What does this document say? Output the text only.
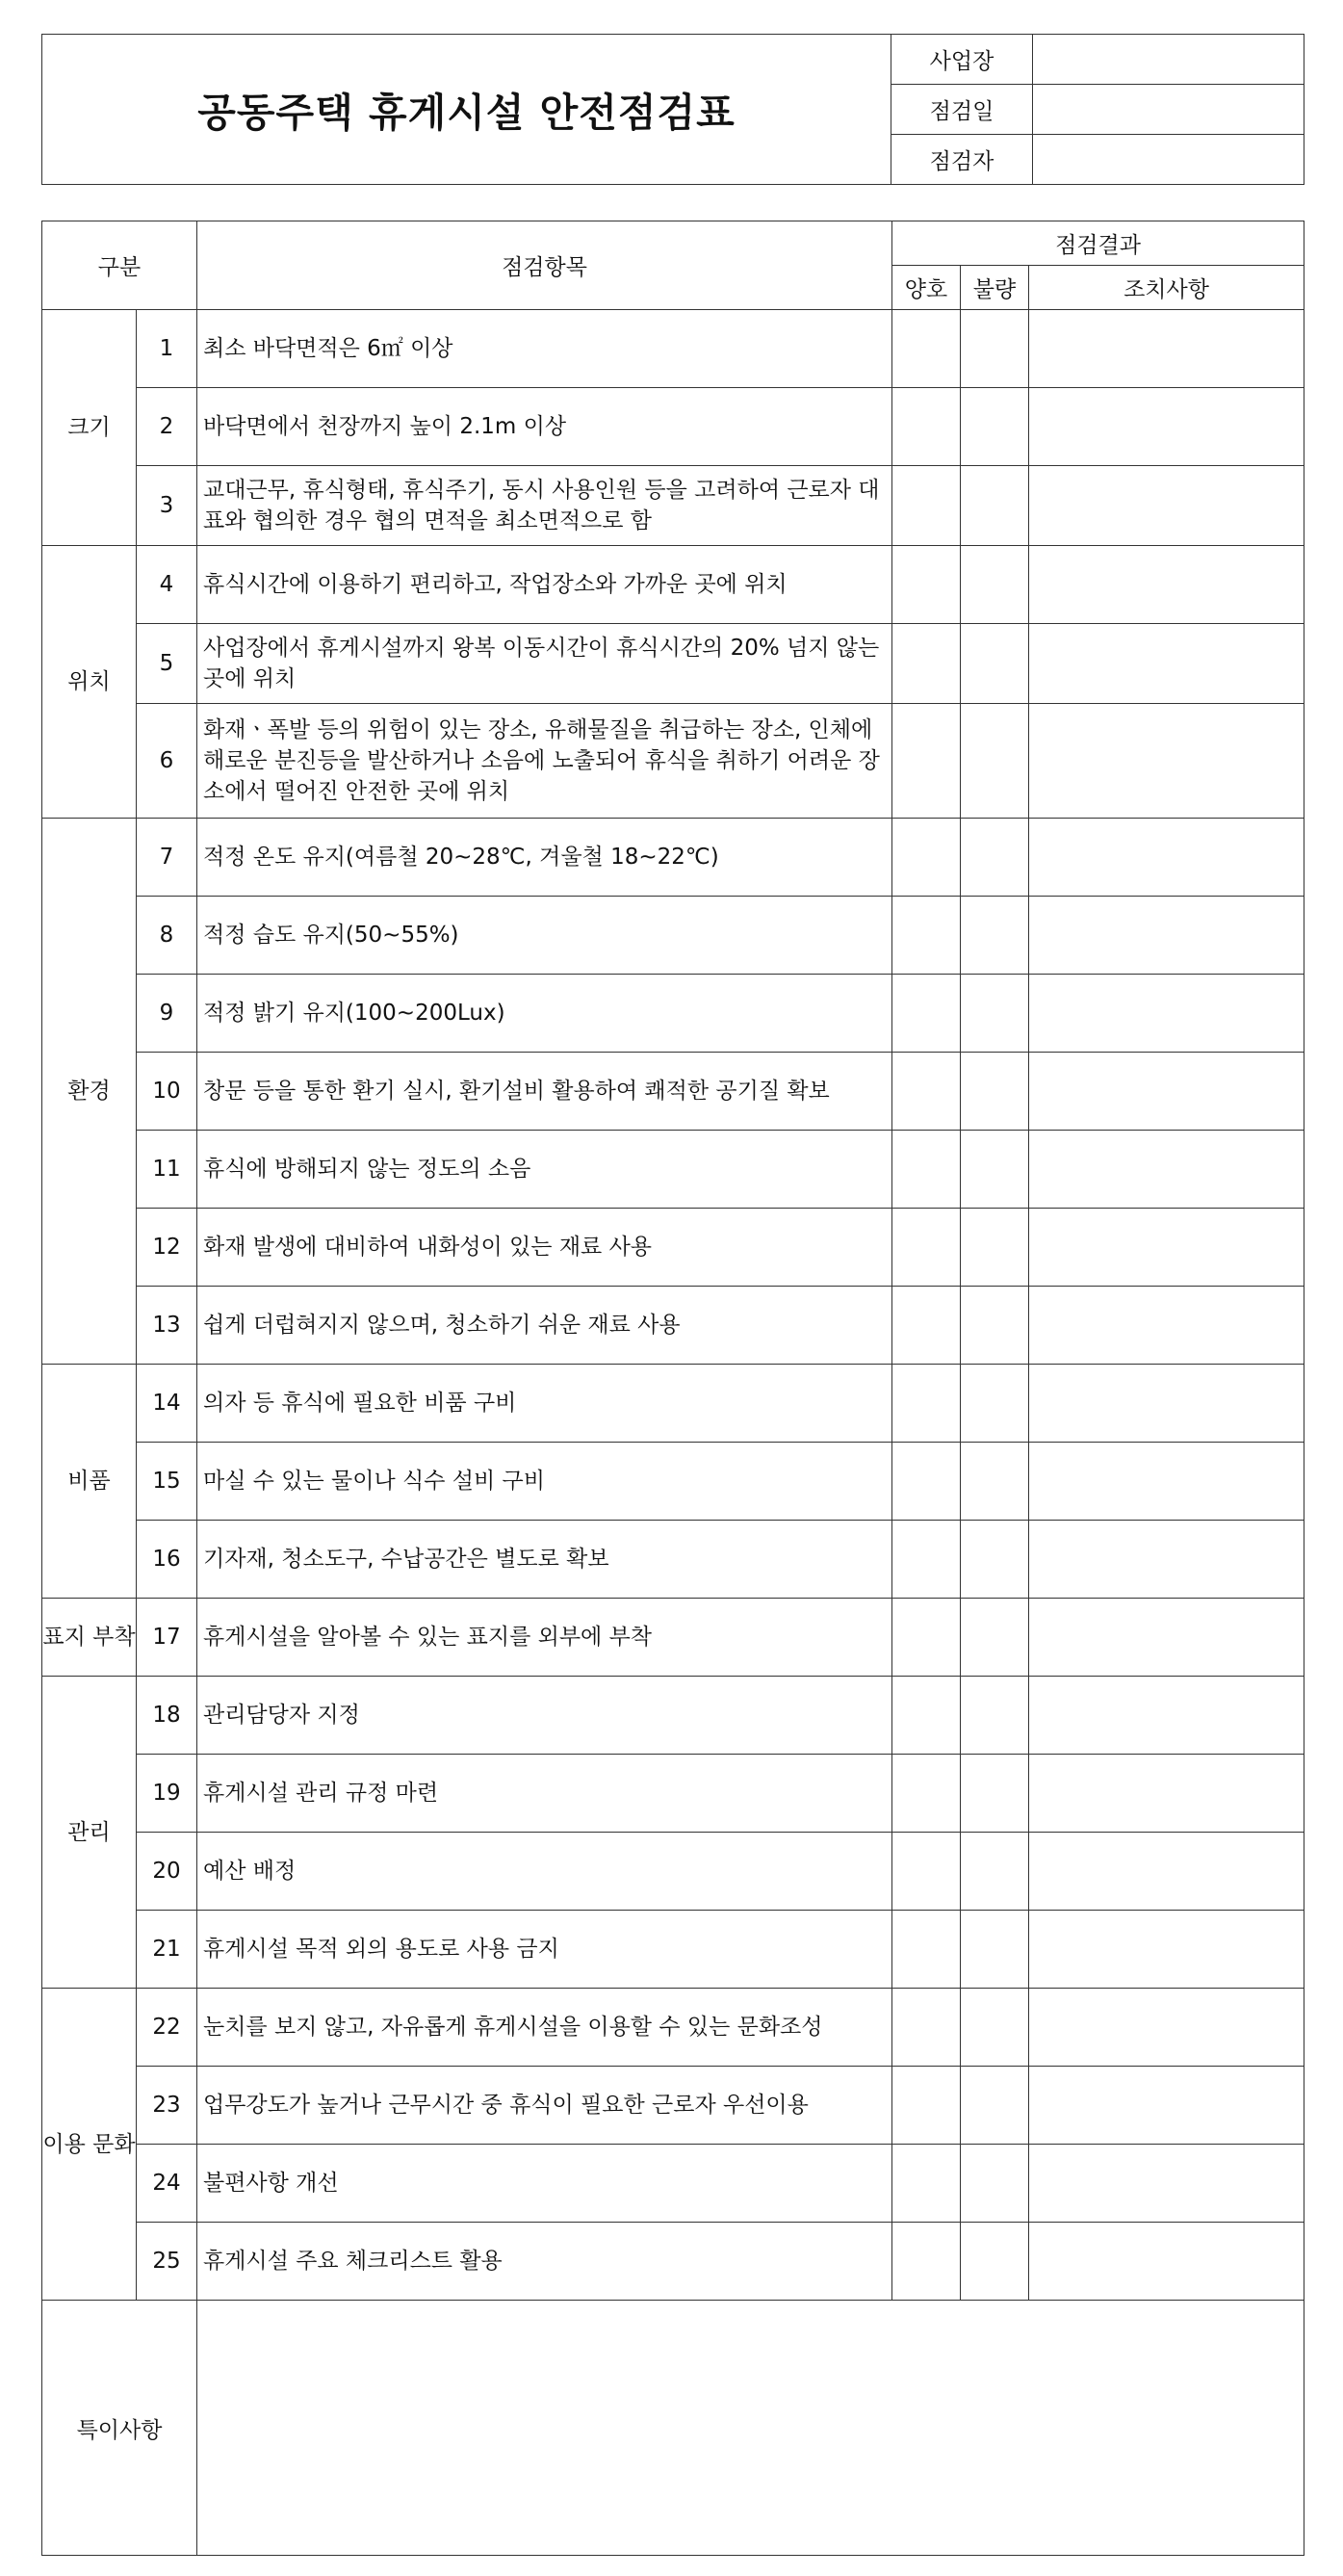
공동주택 휴게시설 안전점검표	사업장	
	점검일	
	점검자	
구분		점검항목	점검결과		
			양호	불량	조치사항
크기	1	최소 바닥면적은 6㎡ 이상			
	2	바닥면에서 천장까지 높이 2.1m 이상			
	3	교대근무, 휴식형태, 휴식주기, 동시 사용인원 등을 고려하여 근로자 대표와 협의한 경우 협의 면적을 최소면적으로 함			
위치	4	휴식시간에 이용하기 편리하고, 작업장소와 가까운 곳에 위치			
	5	사업장에서 휴게시설까지 왕복 이동시간이 휴식시간의 20% 넘지 않는 곳에 위치			
	6	화재ㆍ폭발 등의 위험이 있는 장소, 유해물질을 취급하는 장소, 인체에 해로운 분진등을 발산하거나 소음에 노출되어 휴식을 취하기 어려운 장소에서 떨어진 안전한 곳에 위치			
환경	7	적정 온도 유지(여름철 20~28℃, 겨울철 18~22℃)			
	8	적정 습도 유지(50~55%)			
	9	적정 밝기 유지(100~200Lux)			
	10	창문 등을 통한 환기 실시, 환기설비 활용하여 쾌적한 공기질 확보			
	11	휴식에 방해되지 않는 정도의 소음			
	12	화재 발생에 대비하여 내화성이 있는 재료 사용			
	13	쉽게 더럽혀지지 않으며, 청소하기 쉬운 재료 사용			
비품	14	의자 등 휴식에 필요한 비품 구비			
	15	마실 수 있는 물이나 식수 설비 구비			
	16	기자재, 청소도구, 수납공간은 별도로 확보			
표지 부착	17	휴게시설을 알아볼 수 있는 표지를 외부에 부착			
관리	18	관리담당자 지정			
	19	휴게시설 관리 규정 마련			
	20	예산 배정			
	21	휴게시설 목적 외의 용도로 사용 금지			
이용 문화	22	눈치를 보지 않고, 자유롭게 휴게시설을 이용할 수 있는 문화조성			
	23	업무강도가 높거나 근무시간 중 휴식이 필요한 근로자 우선이용			
	24	불편사항 개선			
	25	휴게시설 주요 체크리스트 활용			
특이사항					
